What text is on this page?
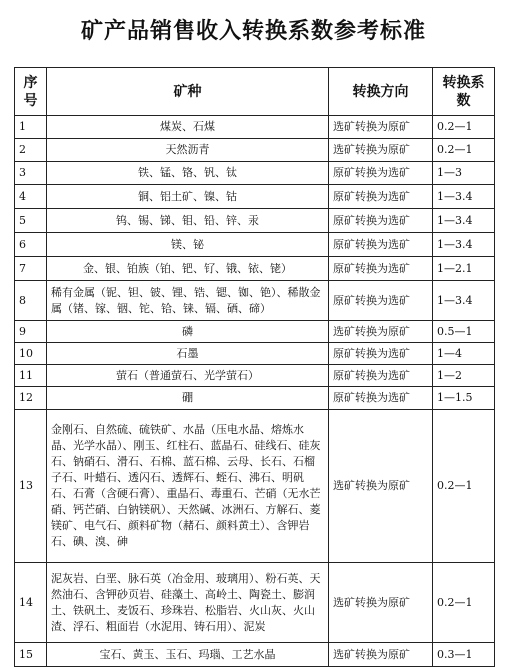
矿产品销售收入转换系数参考标准
序号	矿种	转换方向	转换系数
1	煤炭、石煤	选矿转换为原矿	0.2—1
2	天然沥青	选矿转换为原矿	0.2—1
3	铁、锰、铬、钒、钛	原矿转换为选矿	1—3
4	铜、铝土矿、镍、钴	原矿转换为选矿	1—3.4
5	钨、锡、锑、钼、铅、锌、汞	原矿转换为选矿	1—3.4
6	镁、铋	原矿转换为选矿	1—3.4
7	金、银、铂族（铂、钯、钌、锇、铱、铑）	原矿转换为选矿	1—2.1
8	稀有金属（铌、钽、铍、锂、锆、锶、铷、铯）、稀散金属（锗、镓、铟、铊、铪、铼、镉、硒、碲）	原矿转换为选矿	1—3.4
9	磷	选矿转换为原矿	0.5—1
10	石墨	原矿转换为选矿	1—4
11	萤石（普通萤石、光学萤石）	原矿转换为选矿	1—2
12	硼	原矿转换为选矿	1—1.5
13	金刚石、自然硫、硫铁矿、水晶（压电水晶、熔炼水晶、光学水晶）、刚玉、红柱石、蓝晶石、硅线石、硅灰石、钠硝石、滑石、石棉、蓝石棉、云母、长石、石榴子石、叶蜡石、透闪石、透辉石、蛭石、沸石、明矾石、石膏（含硬石膏）、重晶石、毒重石、芒硝（无水芒硝、钙芒硝、白钠镁矾）、天然碱、冰洲石、方解石、菱镁矿、电气石、颜料矿物（赭石、颜料黄土）、含钾岩石、碘、溴、砷	选矿转换为原矿	0.2—1
14	泥灰岩、白垩、脉石英（冶金用、玻璃用）、粉石英、天然油石、含钾砂页岩、硅藻土、高岭土、陶瓷土、膨润土、铁矾土、麦饭石、珍珠岩、松脂岩、火山灰、火山渣、浮石、粗面岩（水泥用、铸石用）、泥炭	选矿转换为原矿	0.2—1
15	宝石、黄玉、玉石、玛瑙、工艺水晶	选矿转换为原矿	0.3—1
